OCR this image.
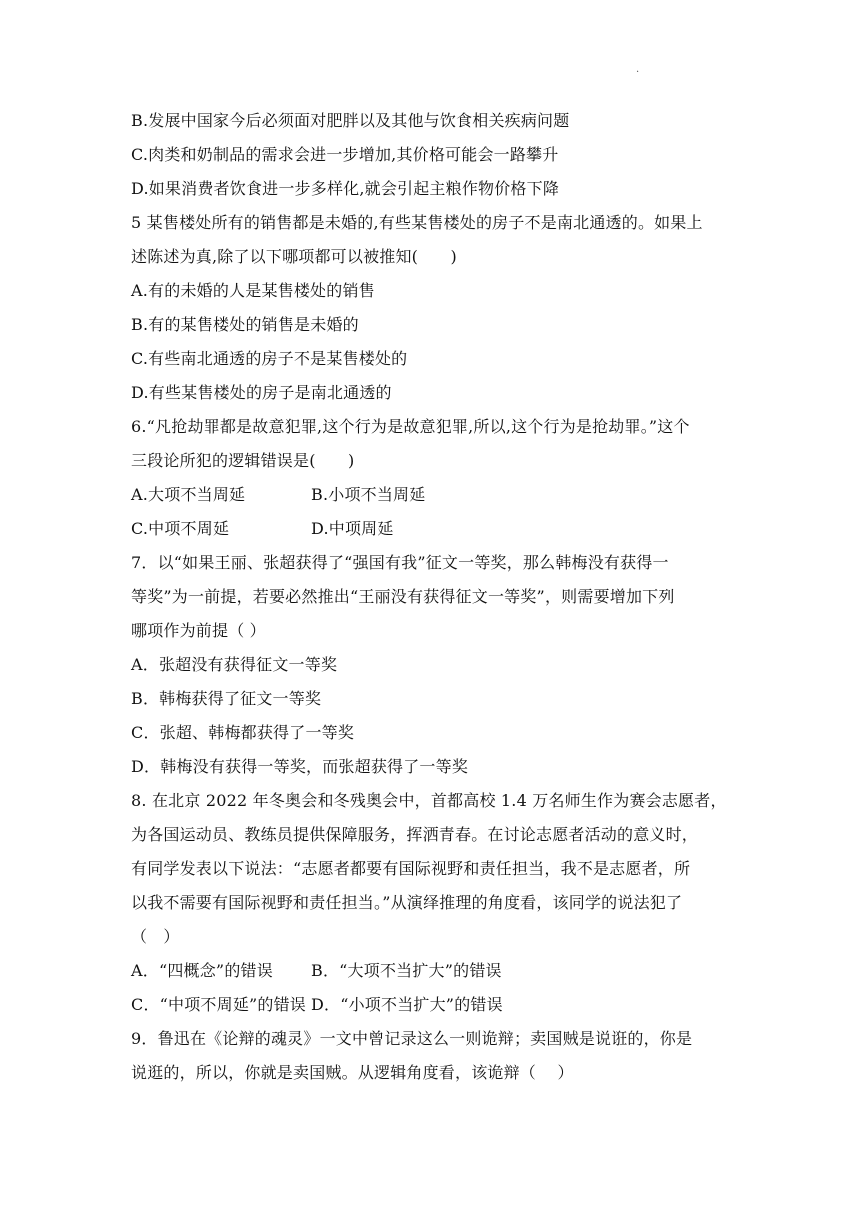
.
B.发展中国家今后必须面对肥胖以及其他与饮食相关疾病问题
C.肉类和奶制品的需求会进一步增加,其价格可能会一路攀升
D.如果消费者饮食进一步多样化,就会引起主粮作物价格下降
5 某售楼处所有的销售都是未婚的,有些某售楼处的房子不是南北通透的。如果上
述陈述为真,除了以下哪项都可以被推知(　　)
A.有的未婚的人是某售楼处的销售
B.有的某售楼处的销售是未婚的
C.有些南北通透的房子不是某售楼处的
D.有些某售楼处的房子是南北通透的
6.“凡抢劫罪都是故意犯罪,这个行为是故意犯罪,所以,这个行为是抢劫罪。”这个
三段论所犯的逻辑错误是(　　)
A.大项不当周延	B.小项不当周延
C.中项不周延	D.中项周延
7．以“如果王丽、张超获得了“强国有我”征文一等奖，那么韩梅没有获得一
等奖”为一前提，若要必然推出“王丽没有获得征文一等奖”，则需要增加下列
哪项作为前提（ ）
A．张超没有获得征文一等奖
B．韩梅获得了征文一等奖
C．张超、韩梅都获得了一等奖
D．韩梅没有获得一等奖，而张超获得了一等奖
8. 在北京 2022 年冬奥会和冬残奥会中，首都高校 1.4 万名师生作为赛会志愿者，
为各国运动员、教练员提供保障服务，挥洒青春。在讨论志愿者活动的意义时，
有同学发表以下说法：“志愿者都要有国际视野和责任担当，我不是志愿者，所
以我不需要有国际视野和责任担当。”从演绎推理的角度看，该同学的说法犯了
（　）
A．“四概念”的错误 B．“大项不当扩大”的错误
C．“中项不周延”的错误 D．“小项不当扩大”的错误
9．鲁迅在《论辩的魂灵》一文中曾记录这么一则诡辩；卖国贼是说诳的，你是
说逛的，所以，你就是卖国贼。从逻辑角度看，该诡辩（　 ）
